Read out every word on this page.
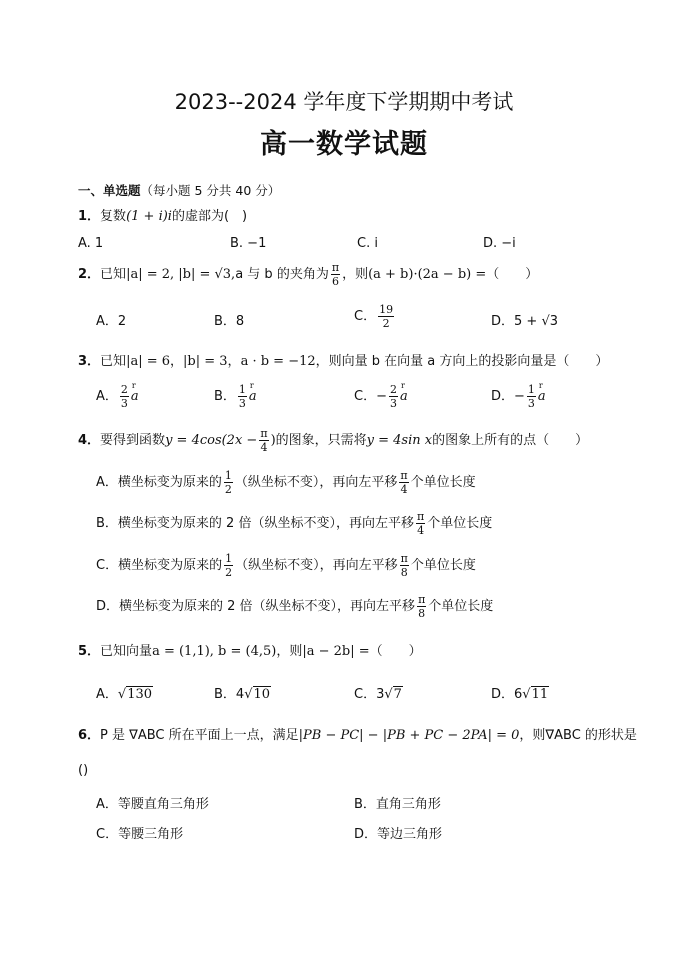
2023--2024 学年度下学期期中考试
高一数学试题
一、单选题（每小题 5 分共 40 分）
1．复数(1 + i)i的虚部为(　)
A. 1	B. −1	C. i	D. −i
2．已知|a| = 2, |b| = √3,a 与 b 的夹角为 $\frac{\pi}{6}$ ，则(a + b)·(2a − b) =（　　）
A．2	B．8	C． $\frac{19}{2}$	D．5 + √3
3．已知|a| = 6，|b| = 3，a · b = −12，则向量 b 在向量 a 方向上的投影向量是（　　）
A． $\frac{2}{3}$ r a	B． $\frac{1}{3}$ r a	C．− $\frac{2}{3}$ r a	D．− $\frac{1}{3}$ r a
4．要得到函数$y = 4\cos(2x - \frac{\pi}{4}$ )的图象，只需将y = 4sin x的图象上所有的点（　　）
A．横坐标变为原来的 $\frac{1}{2}$ （纵坐标不变），再向左平移 $\frac{\pi}{4}$ 个单位长度
B．横坐标变为原来的 2 倍（纵坐标不变），再向左平移 $\frac{\pi}{4}$ 个单位长度
C．横坐标变为原来的 $\frac{1}{2}$ （纵坐标不变），再向左平移 $\frac{\pi}{8}$ 个单位长度
D．横坐标变为原来的 2 倍（纵坐标不变），再向左平移 $\frac{\pi}{8}$ 个单位长度
5．已知向量a = (1,1), b = (4,5)，则|a − 2b| =（　　）
A．√130	B．4√10	C．3√7	D．6√11
6．P 是 ∇ABC 所在平面上一点，满足|PB − PC| − |PB + PC − 2PA| = 0，则∇ABC 的形状是
()
A．等腰直角三角形	B．直角三角形
C．等腰三角形	D．等边三角形
